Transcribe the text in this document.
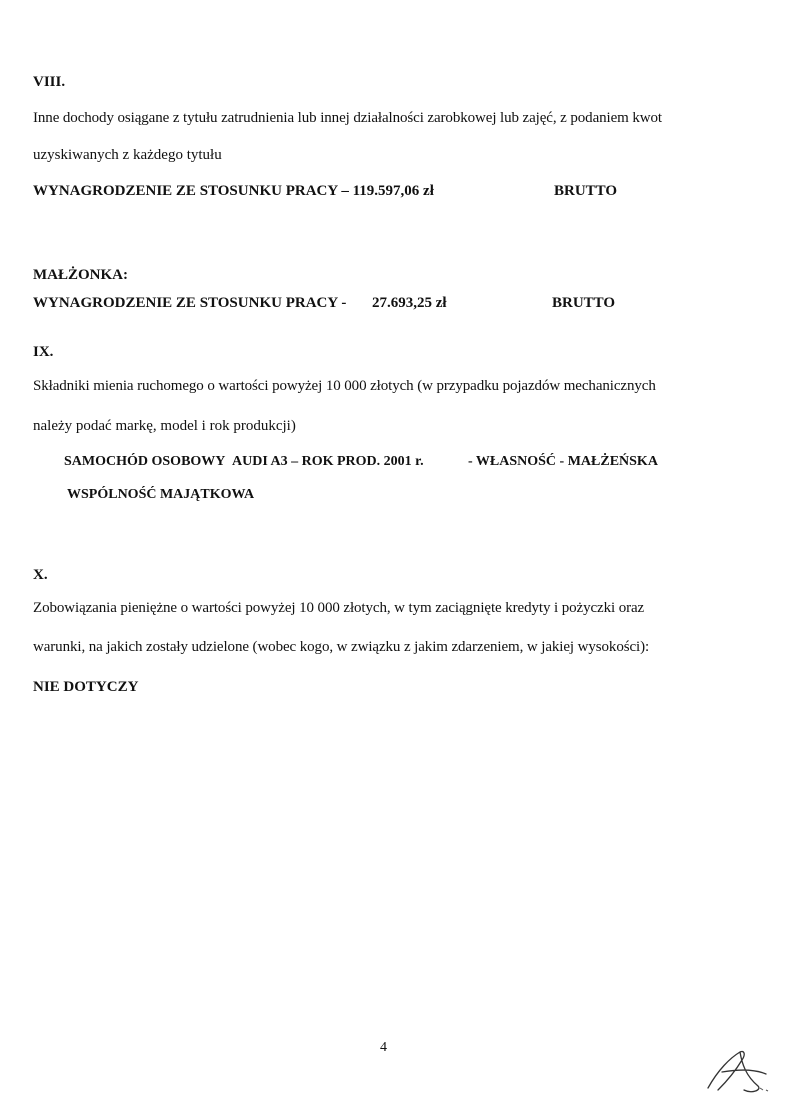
VIII.
Inne dochody osiągane z tytułu zatrudnienia lub innej działalności zarobkowej lub zajęć, z podaniem kwot
uzyskiwanych z każdego tytułu
WYNAGRODZENIE ZE STOSUNKU PRACY – 119.597,06 zł	BRUTTO
MAŁŻONKA:
WYNAGRODZENIE ZE STOSUNKU PRACY - 27.693,25 zł	BRUTTO
IX.
Składniki mienia ruchomego o wartości powyżej 10 000 złotych (w przypadku pojazdów mechanicznych
należy podać markę, model i rok produkcji)
SAMOCHÓD OSOBOWY AUDI A3 – ROK PROD. 2001 r.	- WŁASNOŚĆ - MAŁŻEŃSKA
WSPÓLNOŚĆ MAJĄTKOWA
X.
Zobowiązania pieniężne o wartości powyżej 10 000 złotych, w tym zaciągnięte kredyty i pożyczki oraz
warunki, na jakich zostały udzielone (wobec kogo, w związku z jakim zdarzeniem, w jakiej wysokości):
NIE DOTYCZY
4
